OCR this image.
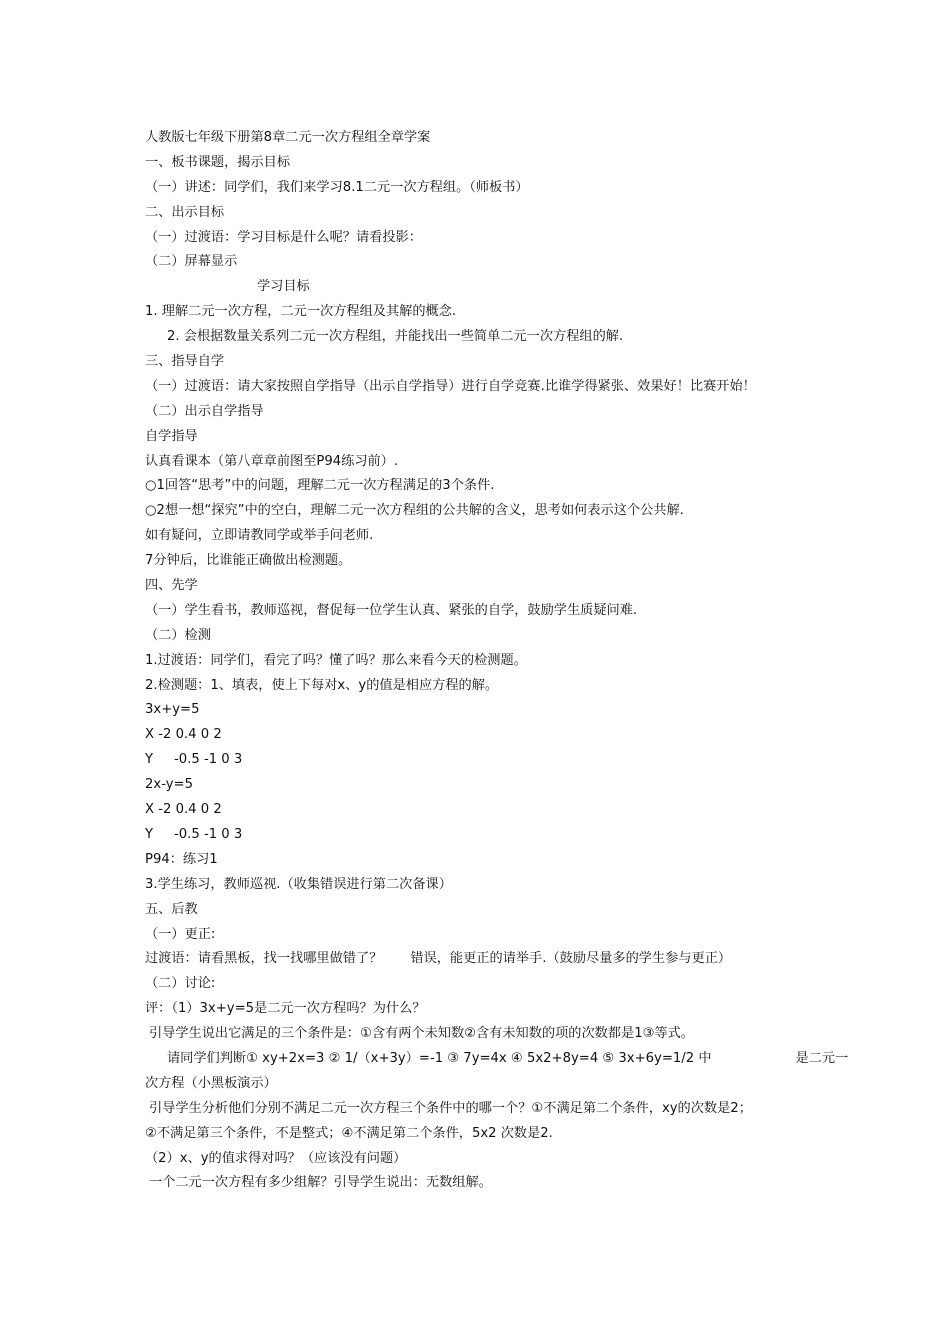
人教版七年级下册第8章二元一次方程组全章学案
一、板书课题，揭示目标
（一）讲述：同学们，我们来学习8.1二元一次方程组。（师板书）
二、出示目标
（一）过渡语：学习目标是什么呢？请看投影：
（二）屏幕显示
学习目标
1. 理解二元一次方程，二元一次方程组及其解的概念.
2. 会根据数量关系列二元一次方程组，并能找出一些简单二元一次方程组的解.
三、指导自学
（一）过渡语：请大家按照自学指导（出示自学指导）进行自学竞赛.比谁学得紧张、效果好！比赛开始！
（二）出示自学指导
自学指导
认真看课本（第八章章前图至P94练习前）.
○1回答“思考”中的问题，理解二元一次方程满足的3个条件.
○2想一想“探究”中的空白，理解二元一次方程组的公共解的含义，思考如何表示这个公共解.
如有疑问，立即请教同学或举手问老师.
7分钟后，比谁能正确做出检测题。
四、先学
（一）学生看书，教师巡视，督促每一位学生认真、紧张的自学，鼓励学生质疑问难.
（二）检测
1.过渡语：同学们，看完了吗？懂了吗？那么来看今天的检测题。
2.检测题：1、填表，使上下每对x、y的值是相应方程的解。
3x+y=5
X -2 0.4 0 2
Y     -0.5 -1 0 3
2x-y=5
X -2 0.4 0 2
Y     -0.5 -1 0 3
P94：练习1
3.学生练习，教师巡视.（收集错误进行第二次备课）
五、后教
（一）更正:
过渡语：请看黑板，找一找哪里做错了？ 错误，能更正的请举手.（鼓励尽量多的学生参与更正）
（二）讨论:
评：（1）3x+y=5是二元一次方程吗？为什么？
引导学生说出它满足的三个条件是：①含有两个未知数②含有未知数的项的次数都是1③等式。
请同学们判断① xy+2x=3 ② 1/（x+3y）=-1 ③ 7y=4x ④ 5x2+8y=4 ⑤ 3x+6y=1/2 中	是二元一
次方程（小黑板演示）
引导学生分析他们分别不满足二元一次方程三个条件中的哪一个？①不满足第二个条件，xy的次数是2；
②不满足第三个条件，不是整式；④不满足第二个条件，5x2 次数是2.
（2）x、y的值求得对吗？（应该没有问题）
一个二元一次方程有多少组解？引导学生说出：无数组解。
